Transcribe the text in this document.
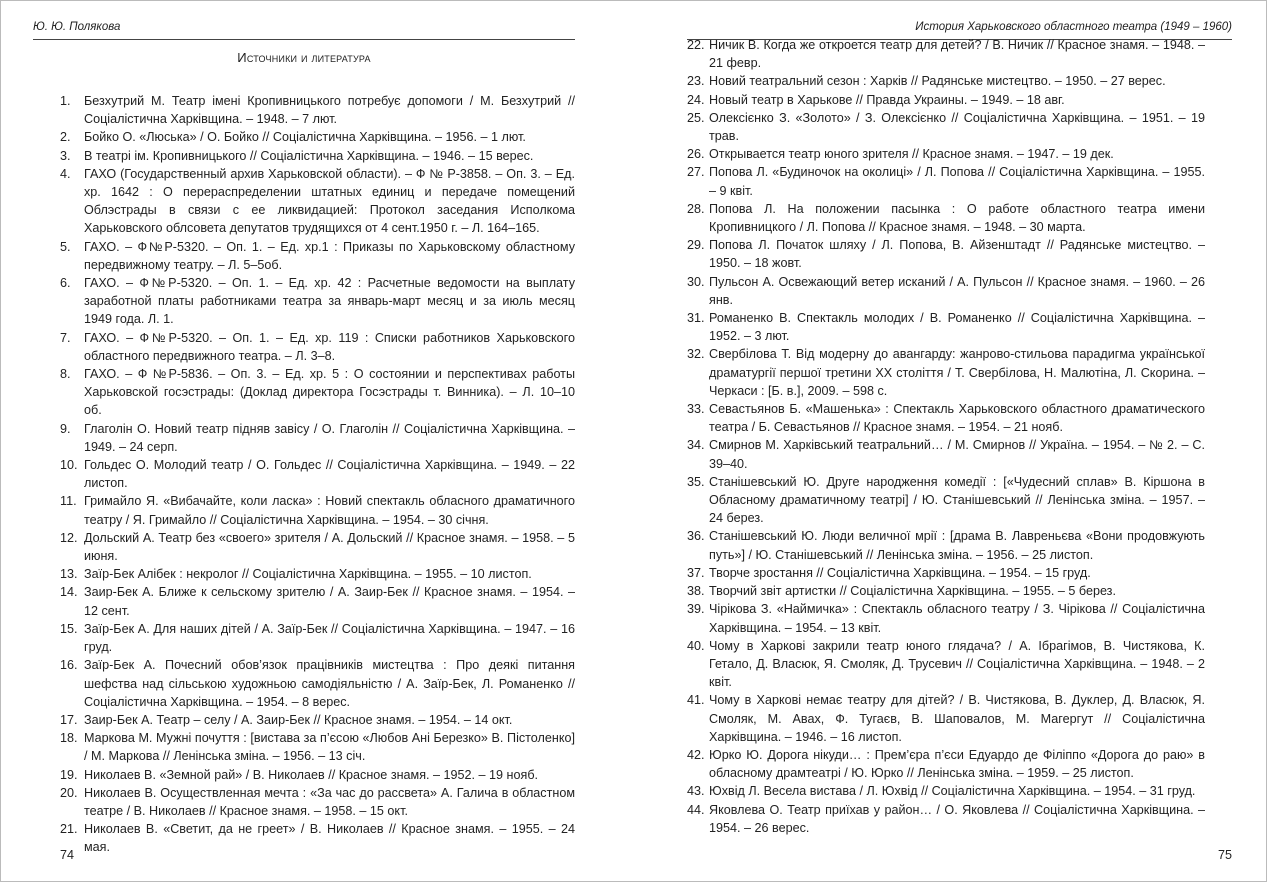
Ю. Ю. Полякова
Источники и литература
1. Безхутрий М. Театр імені Кропивницького потребує допомоги / М. Безхутрий // Соціалістична Харківщина. – 1948. – 7 лют.
2. Бойко О. «Люська» / О. Бойко // Соціалістична Харківщина. – 1956. – 1 лют.
3. В театрі ім. Кропивницького // Соціалістична Харківщина. – 1946. – 15 верес.
4. ГАХО (Государственный архив Харьковской области). – Ф № Р-3858. – Оп. 3. – Ед. хр. 1642 : О перераспределении штатных единиц и передаче помещений Облэстрады в связи с ее ликвидацией: Протокол заседания Исполкома Харьковского облсовета депутатов трудящихся от 4 сент.1950 г. – Л. 164–165.
5. ГАХО. – Ф№Р-5320. – Оп. 1. – Ед. хр.1 : Приказы по Харьковскому областному передвижному театру. – Л. 5–5об.
6. ГАХО. – Ф№Р-5320. – Оп. 1. – Ед. хр. 42 : Расчетные ведомости на выплату заработной платы работниками театра за январь-март месяц и за июль месяц 1949 года. Л. 1.
7. ГАХО. – Ф№Р-5320. – Оп. 1. – Ед. хр. 119 : Списки работников Харьковского областного передвижного театра. – Л. 3–8.
8. ГАХО. – Ф №Р-5836. – Оп. 3. – Ед. хр. 5 : О состоянии и перспективах работы Харьковской госэстрады: (Доклад директора Госэстрады т. Винника). – Л. 10–10 об.
9. Глаголін О. Новий театр підняв завісу / О. Глаголін // Соціалістична Харківщина. – 1949. – 24 серп.
10. Гольдес О. Молодий театр / О. Гольдес // Соціалістична Харківщина. – 1949. – 22 листоп.
11. Гримайло Я. «Вибачайте, коли ласка» : Новий спектакль обласного драматичного театру / Я. Гримайло // Соціалістична Харківщина. – 1954. – 30 січня.
12. Дольский А. Театр без «своего» зрителя / А. Дольский // Красное знамя. – 1958. – 5 июня.
13. Заїр-Бек Алібек : некролог // Соціалістична Харківщина. – 1955. – 10 листоп.
14. Заир-Бек А. Ближе к сельскому зрителю / А. Заир-Бек // Красное знамя. – 1954. – 12 сент.
15. Заїр-Бек А. Для наших дітей / А. Заїр-Бек // Соціалістична Харківщина. – 1947. – 16 груд.
16. Заїр-Бек А. Почесний обов’язок працівників мистецтва : Про деякі питання шефства над сільською художньою самодіяльністю / А. Заїр-Бек, Л. Романенко // Соціалістична Харківщина. – 1954. – 8 верес.
17. Заир-Бек А. Театр – селу / А. Заир-Бек // Красное знамя. – 1954. – 14 окт.
18. Маркова М. Мужні почуття : [вистава за п’єсою «Любов Ані Березко» В. Пістоленко] / М. Маркова // Ленінська зміна. – 1956. – 13 січ.
19. Николаев В. «Земной рай» / В. Николаев // Красное знамя. – 1952. – 19 нояб.
20. Николаев В. Осуществленная мечта : «За час до рассвета» А. Галича в областном театре / В. Николаев // Красное знамя. – 1958. – 15 окт.
21. Николаев В. «Светит, да не греет» / В. Николаев // Красное знамя. – 1955. – 24 мая.
74
История Харьковского областного театра (1949 – 1960)
22. Ничик В. Когда же откроется театр для детей? / В. Ничик // Красное знамя. – 1948. – 21 февр.
23. Новий театральний сезон : Харків // Радянське мистецтво. – 1950. – 27 верес.
24. Новый театр в Харькове // Правда Украины. – 1949. – 18 авг.
25. Олексієнко З. «Золото» / З. Олексієнко // Соціалістична Харківщина. – 1951. – 19 трав.
26. Открывается театр юного зрителя // Красное знамя. – 1947. – 19 дек.
27. Попова Л. «Будиночок на околиці» / Л. Попова // Соціалістична Харківщина. – 1955. – 9 квіт.
28. Попова Л. На положении пасынка : О работе областного театра имени Кропивницкого / Л. Попова // Красное знамя. – 1948. – 30 марта.
29. Попова Л. Початок шляху / Л. Попова, В. Айзенштадт // Радянське мистецтво. – 1950. – 18 жовт.
30. Пульсон А. Освежающий ветер исканий / А. Пульсон // Красное знамя. – 1960. – 26 янв.
31. Романенко В. Спектакль молодих / В. Романенко // Соціалістична Харківщина. – 1952. – 3 лют.
32. Свербілова Т. Від модерну до авангарду: жанрово-стильова парадигма української драматургії першої третини XX століття / Т. Свербілова, Н. Малютіна, Л. Скорина. – Черкаси : [Б. в.], 2009. – 598 с.
33. Севастьянов Б. «Машенька» : Спектакль Харьковского областного драматического театра / Б. Севастьянов // Красное знамя. – 1954. – 21 нояб.
34. Смирнов М. Харківський театральний… / М. Смирнов // Україна. – 1954. – № 2. – С. 39–40.
35. Станішевський Ю. Друге народження комедії : [«Чудесний сплав» В. Кіршона в Обласному драматичному театрі] / Ю. Станішевський // Ленінська зміна. – 1957. – 24 берез.
36. Станішевський Ю. Люди величної мрії : [драма В. Лавреньєва «Вони продовжують путь»] / Ю. Станішевський // Ленінська зміна. – 1956. – 25 листоп.
37. Творче зростання // Соціалістична Харківщина. – 1954. – 15 груд.
38. Творчий звіт артистки // Соціалістична Харківщина. – 1955. – 5 берез.
39. Чірікова З. «Наймичка» : Спектакль обласного театру / З. Чірікова // Соціалістична Харківщина. – 1954. – 13 квіт.
40. Чому в Харкові закрили театр юного глядача? / А. Ібрагімов, В. Чистякова, К. Гетало, Д. Власюк, Я. Смоляк, Д. Трусевич // Соціалістична Харківщина. – 1948. – 2 квіт.
41. Чому в Харкові немає театру для дітей? / В. Чистякова, В. Дуклер, Д. Власюк, Я. Смоляк, М. Авах, Ф. Тугаєв, В. Шаповалов, М. Магергут // Соціалістична Харківщина. – 1946. – 16 листоп.
42. Юрко Ю. Дорога нікуди… : Прем’єра п’єси Едуардо де Філіппо «Дорога до раю» в обласному драмтеатрі / Ю. Юрко // Ленінська зміна. – 1959. – 25 листоп.
43. Юхвід Л. Весела вистава / Л. Юхвід // Соціалістична Харківщина. – 1954. – 31 груд.
44. Яковлева О. Театр приїхав у район… / О. Яковлева // Соціалістична Харківщина. – 1954. – 26 верес.
75
